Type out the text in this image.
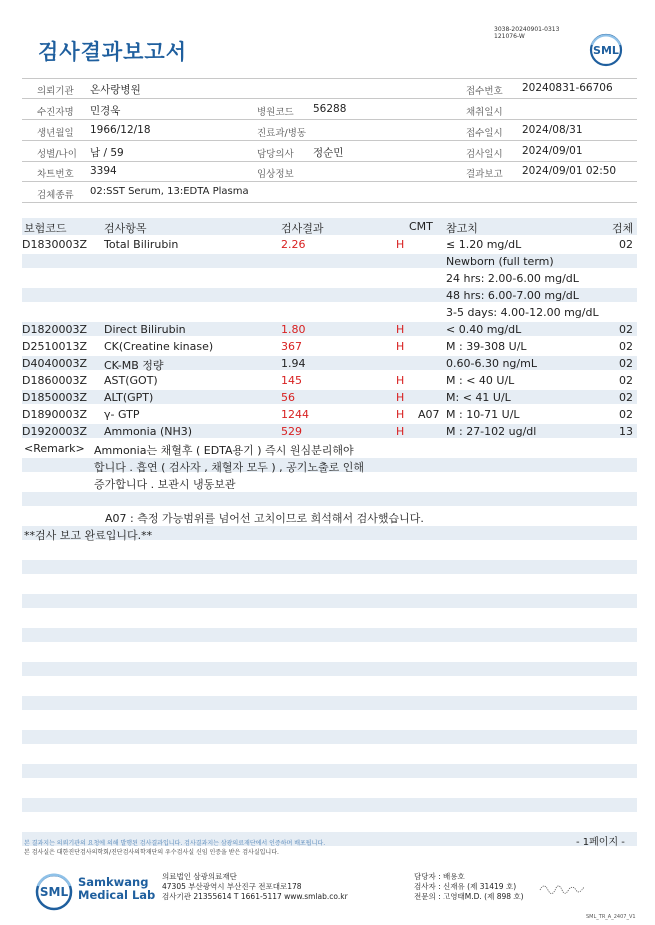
검사결과보고서
3038-20240901-0313
121076-W
SML
의뢰기관 온사랑병원	접수번호 20240831-66706
수진자명 민경욱	병원코드 56288	채취일시
생년월일 1966/12/18	진료과/병동	접수일시 2024/08/31
성별/나이 남 / 59	담당의사 정순민	검사일시 2024/09/01
차트번호 3394	임상정보	결과보고 2024/09/01 02:50
검체종류 02:SST Serum, 13:EDTA Plasma
보험코드	검사항목	검사결과	CMT 참고치	검체
D1830003Z Total Bilirubin	2.26	H	≤ 1.20 mg/dL	02
Newborn (full term)
24 hrs: 2.00-6.00 mg/dL
48 hrs: 6.00-7.00 mg/dL
3-5 days: 4.00-12.00 mg/dL
D1820003Z Direct Bilirubin	1.80	H	< 0.40 mg/dL	02
D2510013Z CK(Creatine kinase)	367	H	M : 39-308 U/L	02
D4040003Z CK-MB 정량	1.94	0.60-6.30 ng/mL	02
D1860003Z AST(GOT)	145	H	M : < 40 U/L	02
D1850003Z ALT(GPT)	56	H	M: < 41 U/L	02
D1890003Z γ- GTP	1244	H A07 M : 10-71 U/L	02
D1920003Z Ammonia (NH3)	529	H	M : 27-102 ug/dl	13
<Remark> Ammonia는 채혈후 ( EDTA용기 ) 즉시 원심분리해야
합니다 . 흡연 ( 검사자 , 채혈자 모두 ) , 공기노출로 인해
증가합니다 . 보관시 냉동보관
A07 : 측정 가능범위를 넘어선 고치이므로 희석해서 검사했습니다.
**검사 보고 완료입니다.**
본 결과지는 의뢰기관의 요청에 의해 발행된 검사결과입니다. 검사결과지는 삼광의료재단에서 인증하며 배포됩니다.
본 검사실은 대한진단검사의학회/진단검사의학재단의 우수검사실 신임 인증을 받은 검사실입니다.
- 1페이지 -
SML
Samkwang
Medical Lab
의료법인 삼광의료재단
47305 부산광역시 부산진구 전포대로178
검사기관 21355614 T 1661-5117 www.smlab.co.kr
담당자 : 배용호
검사자 : 신재유 (제 31419 호)
전문의 : 고영태M.D. (제 898 호)
SML_TR_A_2407_V1
